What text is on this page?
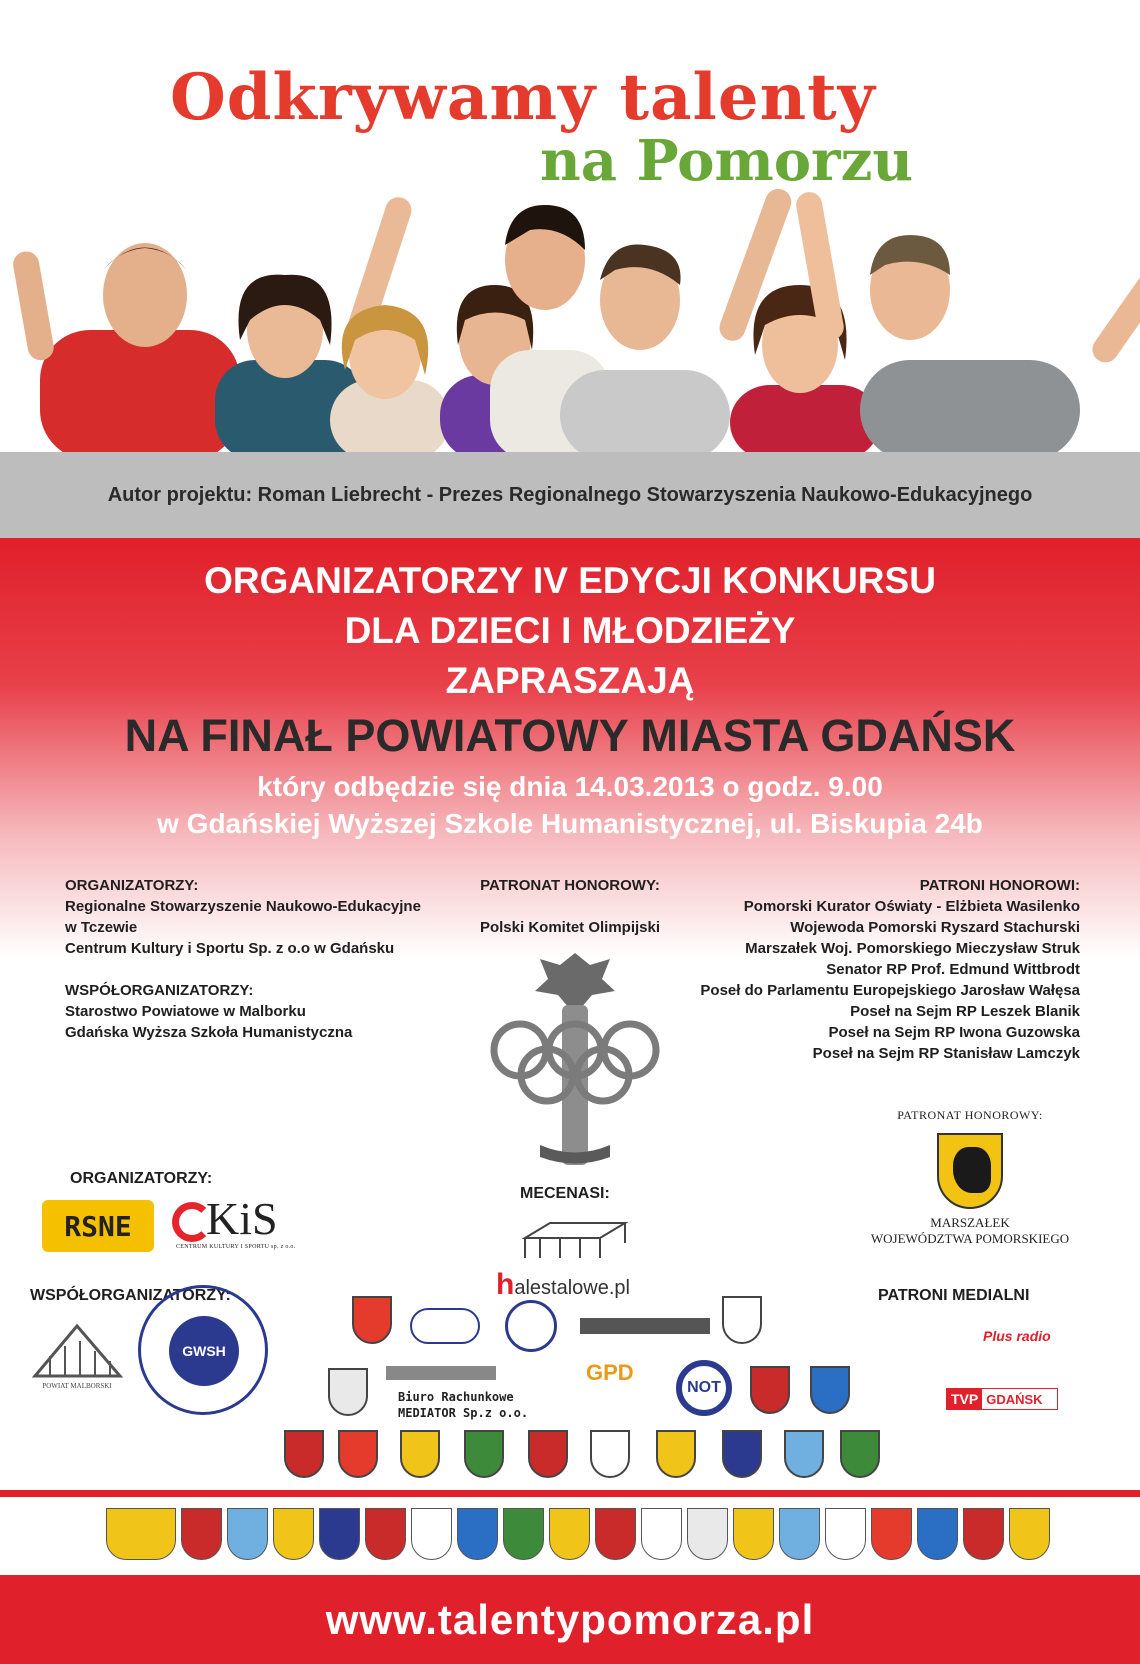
Odkrywamy talenty
na Pomorzu
Autor projektu: Roman Liebrecht - Prezes Regionalnego Stowarzyszenia Naukowo-Edukacyjnego
ORGANIZATORZY IV EDYCJI KONKURSU
DLA DZIECI I MŁODZIEŻY
ZAPRASZAJĄ
NA FINAŁ POWIATOWY MIASTA GDAŃSK
który odbędzie się dnia 14.03.2013 o godz. 9.00
w Gdańskiej Wyższej Szkole Humanistycznej, ul. Biskupia 24b
ORGANIZATORZY:
Regionalne Stowarzyszenie Naukowo-Edukacyjne
w Tczewie
Centrum Kultury i Sportu Sp. z o.o w Gdańsku
WSPÓŁORGANIZATORZY:
Starostwo Powiatowe w Malborku
Gdańska Wyższa Szkoła Humanistyczna
PATRONAT HONOROWY:
Polski Komitet Olimpijski
PATRONI HONOROWI:
Pomorski Kurator Oświaty - Elżbieta Wasilenko
Wojewoda Pomorski Ryszard Stachurski
Marszałek Woj. Pomorskiego Mieczysław Struk
Senator RP Prof. Edmund Wittbrodt
Poseł do Parlamentu Europejskiego Jarosław Wałęsa
Poseł na Sejm RP Leszek Blanik
Poseł na Sejm RP Iwona Guzowska
Poseł na Sejm RP Stanisław Lamczyk
PATRONAT HONOROWY:
MARSZAŁEK
WOJEWÓDZTWA POMORSKIEGO
ORGANIZATORZY:
RSNE KiS
CENTRUM KULTURY I SPORTU sp. z o.o.
MECENASI:
halestalowe.pl
WSPÓŁORGANIZATORZY:
POWIAT MALBORSKI
GWSH
PATRONI MEDIALNI
Plus radio
TVP GDAŃSK
Biuro Rachunkowe
MEDIATOR Sp.z o.o.
GPD
NOT
www.talentypomorza.pl
